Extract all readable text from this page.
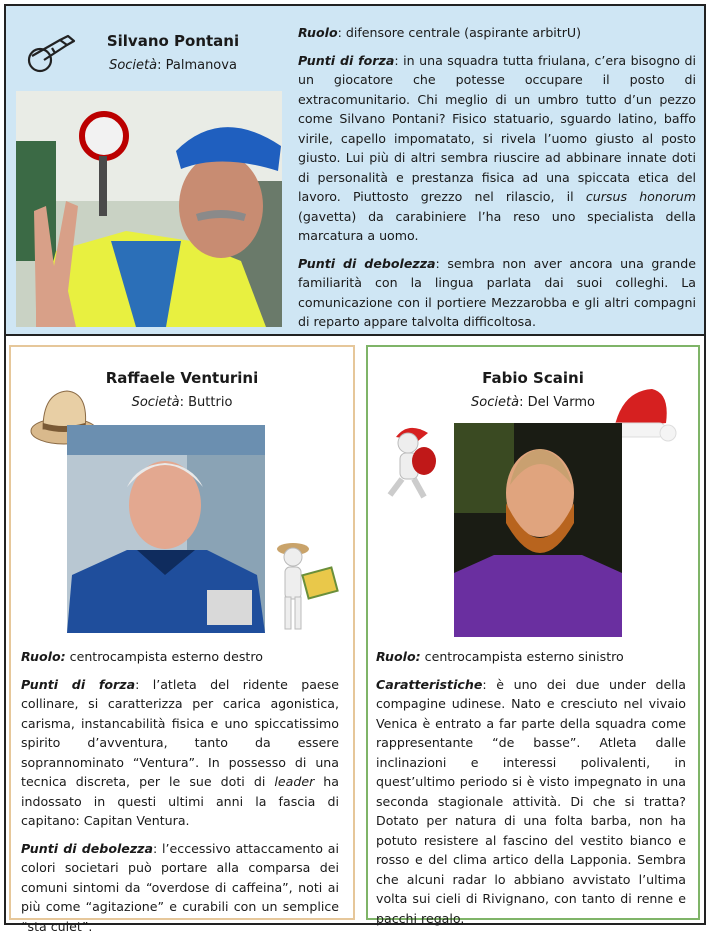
Silvano Pontani
Società: Palmanova

Ruolo: difensore centrale (aspirante arbitrU)

Punti di forza: in una squadra tutta friulana, c’era bisogno di un giocatore che potesse occupare il posto di extracomunitario. Chi meglio di un umbro tutto d’un pezzo come Silvano Pontani? Fisico statuario, sguardo latino, baffo virile, capello impomatato, si rivela l’uomo giusto al posto giusto. Lui più di altri sembra riuscire ad abbinare innate doti di personalità e prestanza fisica ad una spiccata etica del lavoro. Piuttosto grezzo nel rilascio, il cursus honorum (gavetta) da carabiniere l’ha reso uno specialista della marcatura a uomo.

Punti di debolezza: sembra non aver ancora una grande familiarità con la lingua parlata dai suoi colleghi. La comunicazione con il portiere Mezzarobba e gli altri compagni di reparto appare talvolta difficoltosa.

Raffaele Venturini
Società: Buttrio

Ruolo: centrocampista esterno destro

Punti di forza: l’atleta del ridente paese collinare, si caratterizza per carica agonistica, carisma, instancabilità fisica e uno spiccatissimo spirito d’avventura, tanto da essere soprannominato “Ventura”. In possesso di una tecnica discreta, per le sue doti di leader ha indossato in questi ultimi anni la fascia di capitano: Capitan Ventura.

Punti di debolezza: l’eccessivo attaccamento ai colori societari può portare alla comparsa dei comuni sintomi da “overdose di caffeina”, noti ai più come “agitazione” e curabili con un semplice “sta cuiet”.

Fabio Scaini
Società: Del Varmo

Ruolo: centrocampista esterno sinistro

Caratteristiche: è uno dei due under della compagine udinese. Nato e cresciuto nel vivaio Venica è entrato a far parte della squadra come rappresentante “de basse”. Atleta dalle inclinazioni e interessi polivalenti, in quest’ultimo periodo si è visto impegnato in una seconda stagionale attività. Di che si tratta? Dotato per natura di una folta barba, non ha potuto resistere al fascino del vestito bianco e rosso e del clima artico della Lapponia. Sembra che alcuni radar lo abbiano avvistato l’ultima volta sui cieli di Rivignano, con tanto di renne e pacchi regalo.
